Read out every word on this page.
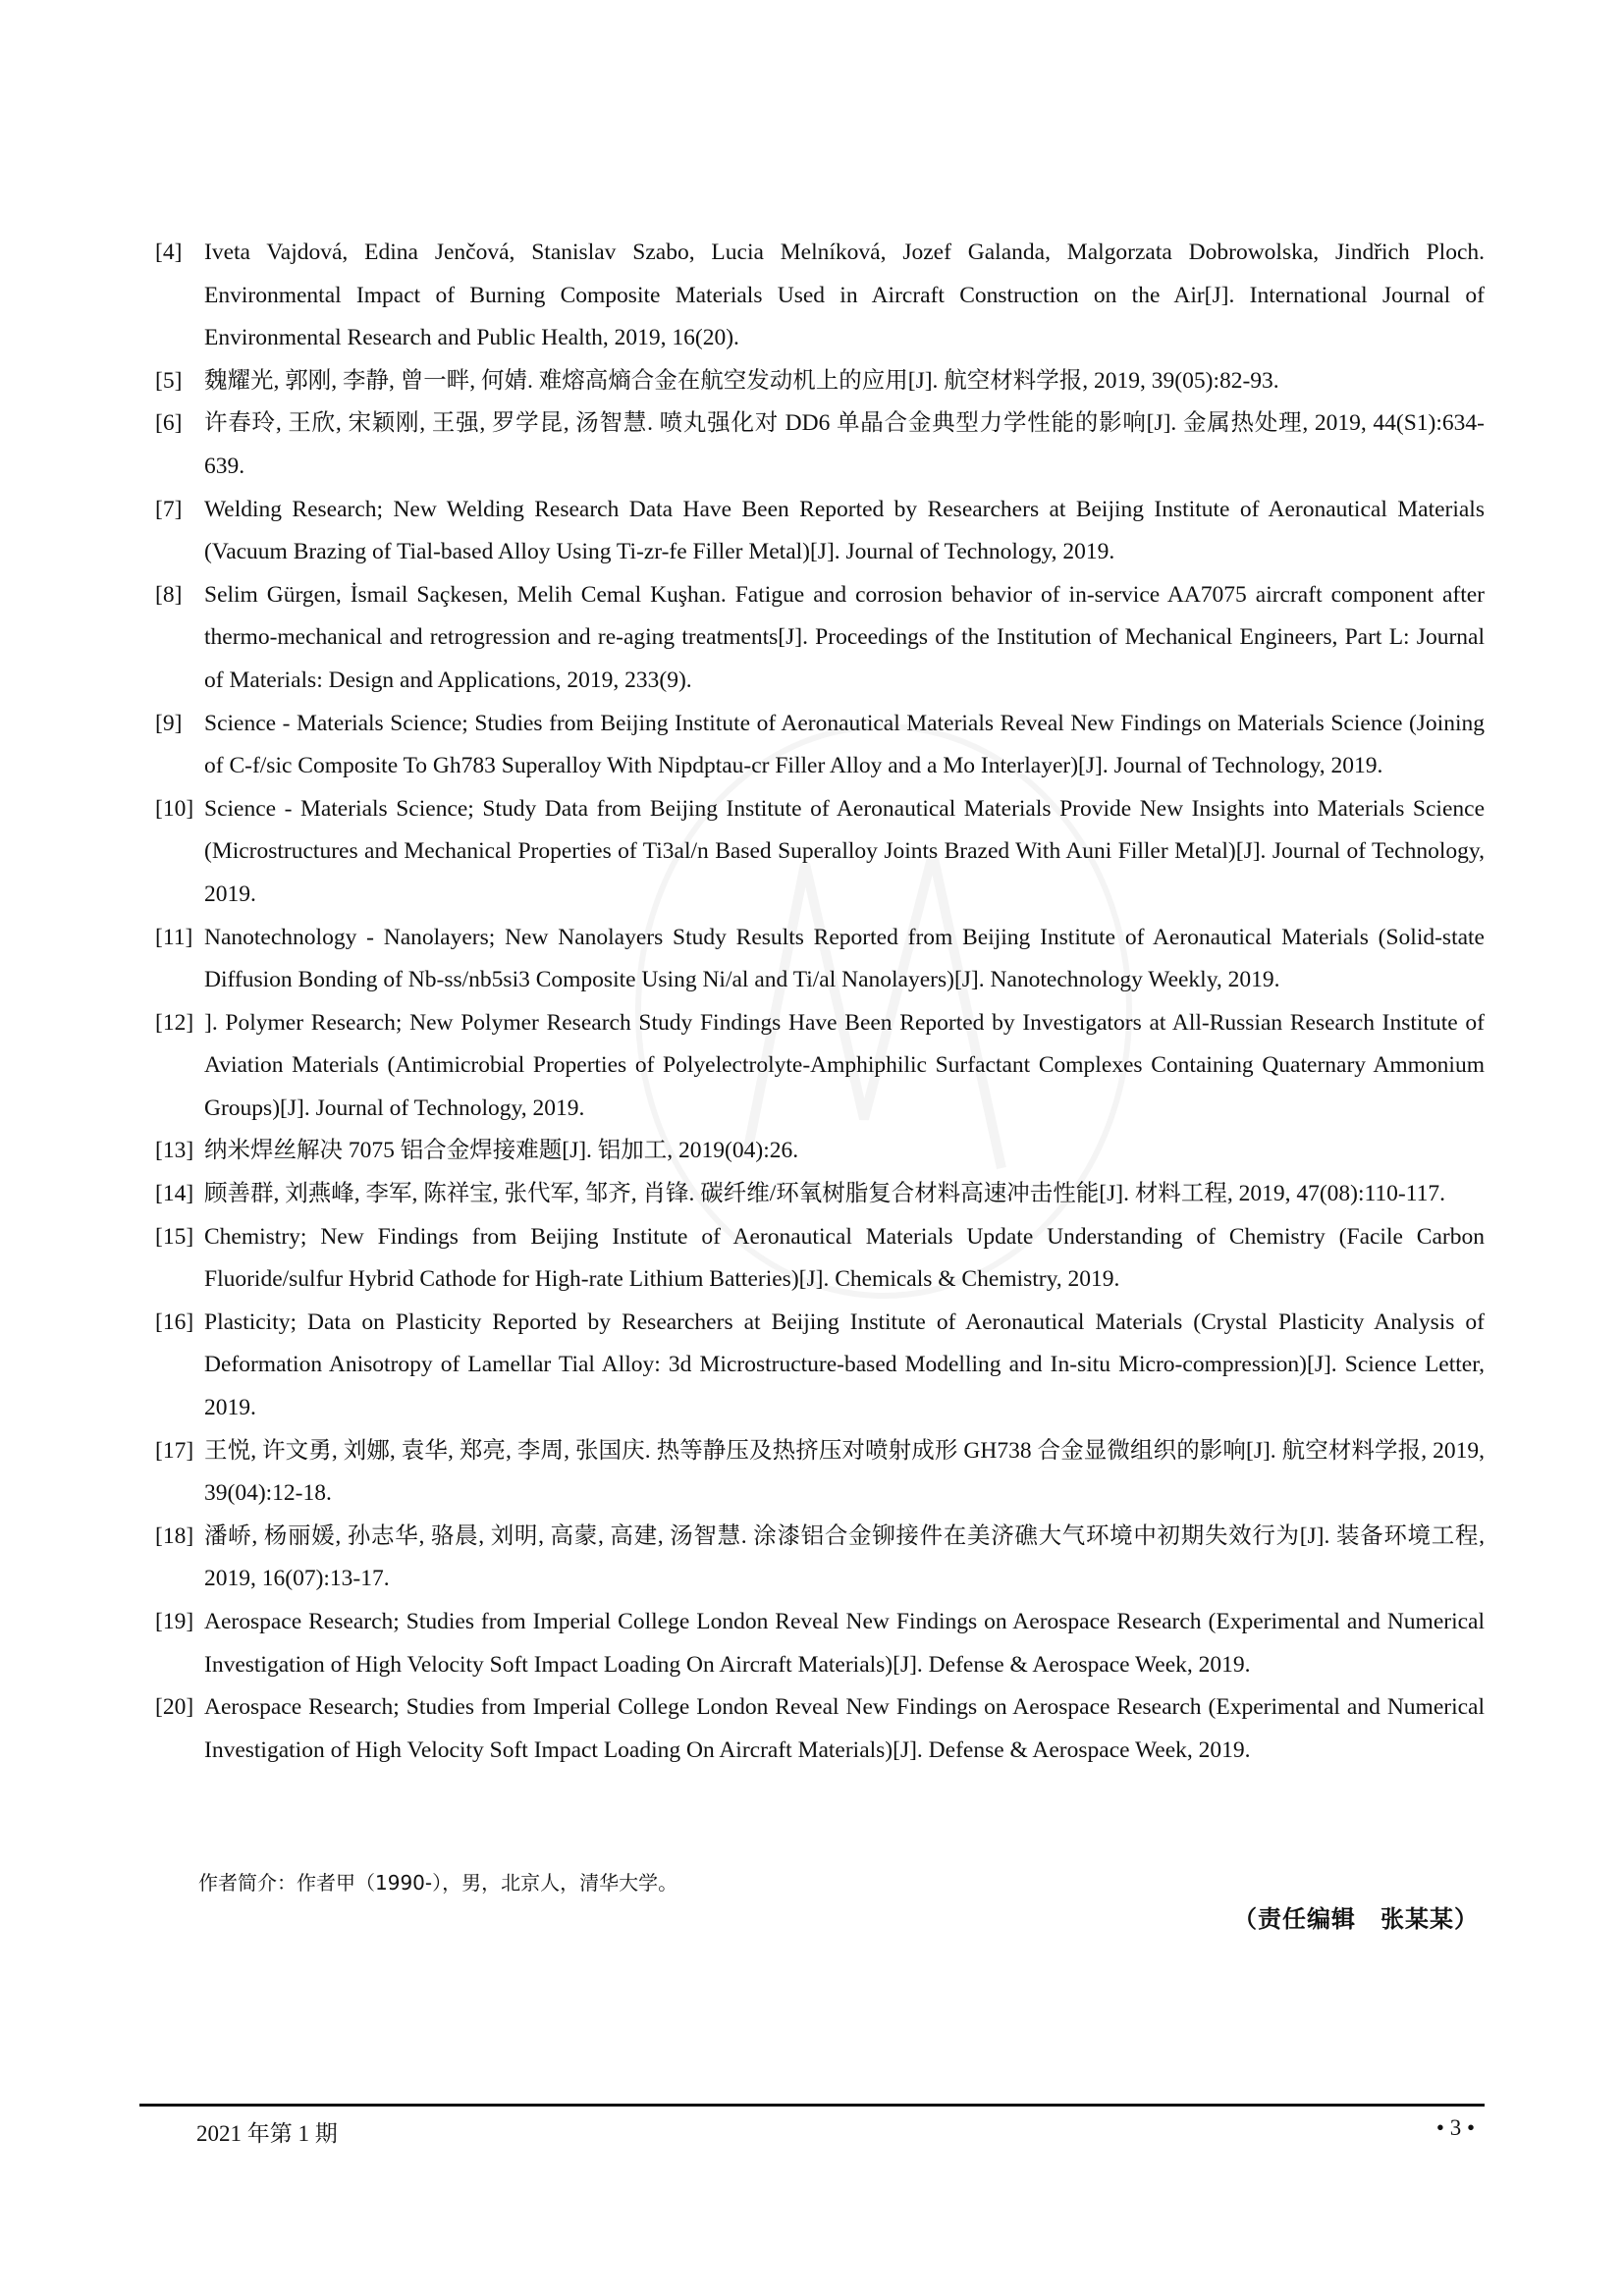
[4] Iveta Vajdová, Edina Jenčová, Stanislav Szabo, Lucia Melníková, Jozef Galanda, Malgorzata Dobrowolska, Jindřich Ploch. Environmental Impact of Burning Composite Materials Used in Aircraft Construction on the Air[J]. International Journal of Environmental Research and Public Health, 2019, 16(20).

[5] 魏耀光, 郭刚, 李静, 曾一畔, 何婧. 难熔高熵合金在航空发动机上的应用[J]. 航空材料学报, 2019, 39(05):82-93.

[6] 许春玲, 王欣, 宋颖刚, 王强, 罗学昆, 汤智慧. 喷丸强化对 DD6 单晶合金典型力学性能的影响[J]. 金属热处理, 2019, 44(S1):634-639.

[7] Welding Research; New Welding Research Data Have Been Reported by Researchers at Beijing Institute of Aeronautical Materials (Vacuum Brazing of Tial-based Alloy Using Ti-zr-fe Filler Metal)[J]. Journal of Technology, 2019.

[8] Selim Gürgen, İsmail Saçkesen, Melih Cemal Kuşhan. Fatigue and corrosion behavior of in-service AA7075 aircraft component after thermo-mechanical and retrogression and re-aging treatments[J]. Proceedings of the Institution of Mechanical Engineers, Part L: Journal of Materials: Design and Applications, 2019, 233(9).

[9] Science - Materials Science; Studies from Beijing Institute of Aeronautical Materials Reveal New Findings on Materials Science (Joining of C-f/sic Composite To Gh783 Superalloy With Nipdptau-cr Filler Alloy and a Mo Interlayer)[J]. Journal of Technology, 2019.

[10] Science - Materials Science; Study Data from Beijing Institute of Aeronautical Materials Provide New Insights into Materials Science (Microstructures and Mechanical Properties of Ti3al/n Based Superalloy Joints Brazed With Auni Filler Metal)[J]. Journal of Technology, 2019.

[11] Nanotechnology - Nanolayers; New Nanolayers Study Results Reported from Beijing Institute of Aeronautical Materials (Solid-state Diffusion Bonding of Nb-ss/nb5si3 Composite Using Ni/al and Ti/al Nanolayers)[J]. Nanotechnology Weekly, 2019.

[12] ]. Polymer Research; New Polymer Research Study Findings Have Been Reported by Investigators at All-Russian Research Institute of Aviation Materials (Antimicrobial Properties of Polyelectrolyte-Amphiphilic Surfactant Complexes Containing Quaternary Ammonium Groups)[J]. Journal of Technology, 2019.

[13] 纳米焊丝解决 7075 铝合金焊接难题[J]. 铝加工, 2019(04):26.

[14] 顾善群, 刘燕峰, 李军, 陈祥宝, 张代军, 邹齐, 肖锋. 碳纤维/环氧树脂复合材料高速冲击性能[J]. 材料工程, 2019, 47(08):110-117.

[15] Chemistry; New Findings from Beijing Institute of Aeronautical Materials Update Understanding of Chemistry (Facile Carbon Fluoride/sulfur Hybrid Cathode for High-rate Lithium Batteries)[J]. Chemicals & Chemistry, 2019.

[16] Plasticity; Data on Plasticity Reported by Researchers at Beijing Institute of Aeronautical Materials (Crystal Plasticity Analysis of Deformation Anisotropy of Lamellar Tial Alloy: 3d Microstructure-based Modelling and In-situ Micro-compression)[J]. Science Letter, 2019.

[17] 王悦, 许文勇, 刘娜, 袁华, 郑亮, 李周, 张国庆. 热等静压及热挤压对喷射成形 GH738 合金显微组织的影响[J]. 航空材料学报, 2019, 39(04):12-18.

[18] 潘峤, 杨丽媛, 孙志华, 骆晨, 刘明, 高蒙, 高建, 汤智慧. 涂漆铝合金铆接件在美济礁大气环境中初期失效行为[J]. 装备环境工程, 2019, 16(07):13-17.

[19] Aerospace Research; Studies from Imperial College London Reveal New Findings on Aerospace Research (Experimental and Numerical Investigation of High Velocity Soft Impact Loading On Aircraft Materials)[J]. Defense & Aerospace Week, 2019.

[20] Aerospace Research; Studies from Imperial College London Reveal New Findings on Aerospace Research (Experimental and Numerical Investigation of High Velocity Soft Impact Loading On Aircraft Materials)[J]. Defense & Aerospace Week, 2019.

作者简介：作者甲（1990-），男，北京人，清华大学。
（责任编辑　张某某）
2021 年第 1 期	• 3 •
